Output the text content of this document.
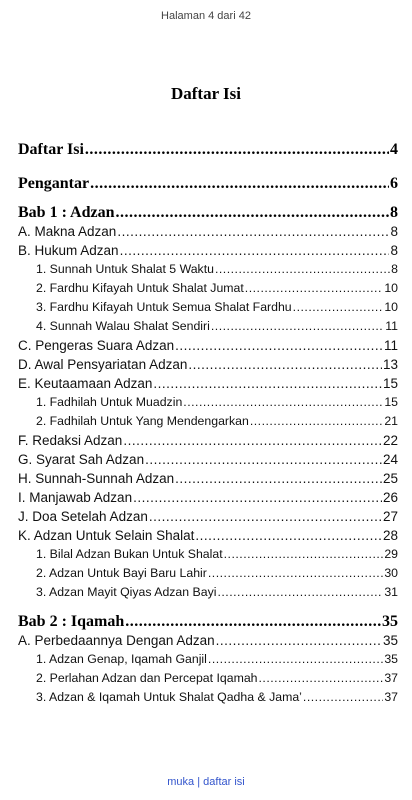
Halaman 4 dari 42
Daftar Isi
Daftar Isi .....	4
Pengantar .....	6
Bab 1 : Adzan .....	8
A. Makna Adzan .....	8
B. Hukum Adzan .....	8
1. Sunnah Untuk Shalat 5 Waktu .....	8
2. Fardhu Kifayah Untuk Shalat Jumat .....	10
3. Fardhu Kifayah Untuk Semua Shalat Fardhu .....	10
4. Sunnah Walau Shalat Sendiri .....	11
C. Pengeras Suara Adzan .....	11
D. Awal Pensyariatan Adzan .....	13
E. Keutaamaan Adzan .....	15
1. Fadhilah Untuk Muadzin .....	15
2. Fadhilah Untuk Yang Mendengarkan .....	21
F. Redaksi Adzan .....	22
G. Syarat Sah Adzan .....	24
H. Sunnah-Sunnah Adzan .....	25
I. Manjawab Adzan .....	26
J. Doa Setelah Adzan .....	27
K. Adzan Untuk Selain Shalat .....	28
1. Bilal Adzan Bukan Untuk Shalat .....	29
2. Adzan Untuk Bayi Baru Lahir .....	30
3. Adzan Mayit Qiyas Adzan Bayi .....	31
Bab 2 : Iqamah .....	35
A. Perbedaannya Dengan Adzan .....	35
1. Adzan Genap, Iqamah Ganjil .....	35
2. Perlahan Adzan dan Percepat Iqamah .....	37
3. Adzan & Iqamah Untuk Shalat Qadha & Jama’ .....	37
muka | daftar isi
